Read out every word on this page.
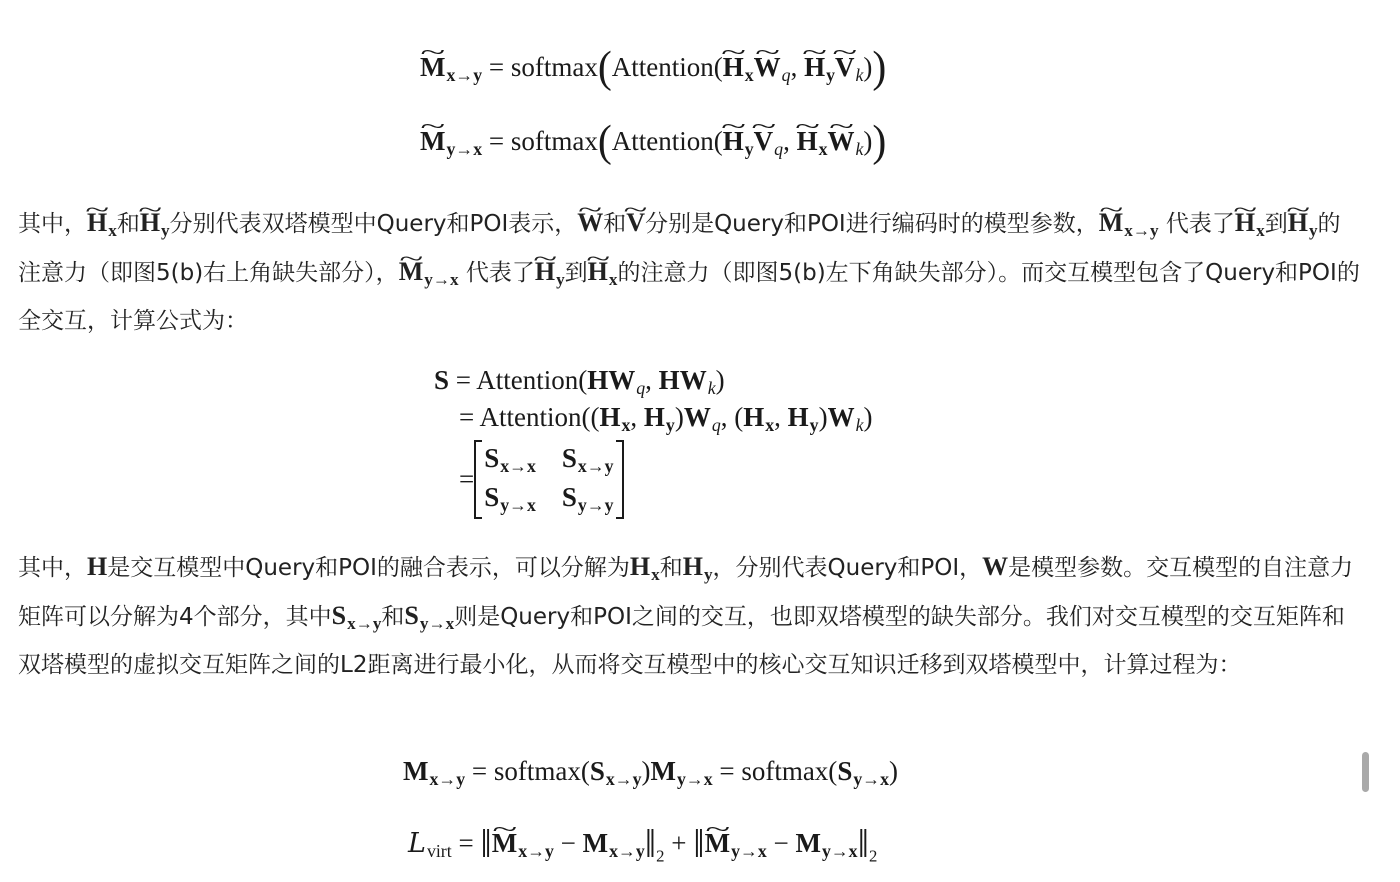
M $\sim_{x\to y}$ = softmax(Attention(H $\sim_xW$ $\sim_q$, H $\sim_yV$ $\sim_k$))
M $\sim_{y\to x}$ = softmax(Attention(H $\sim_yV$ $\sim_q$, H $\sim_xW$ $\sim_k$))
其中，H $\sim_x$和H $\sim_y$分别代表双塔模型中Query和POI表示，W ~和V ~分别是Query和POI进行编码时的模型参数，M $\sim_{x\to y}$ 代表了H $\sim_x$到H $\sim_y$的注意力（即图5(b)右上角缺失部分），M $\sim_{y\to x}$ 代表了H $\sim_y$到H $\sim_x$的注意力（即图5(b)左下角缺失部分）。而交互模型包含了Query和POI的全交互，计算公式为：
$S = Attention(HW_q$, $HW_k$)
= $Attention((H_x$, $H_y)W_q$, ($H_x$, $H_y)W_k$)
=
$S_{x\to x}$ $S_{x\to y}$
$S_{y\to x}$ $S_{y\to y}$
其中，H是交互模型中Query和POI的融合表示，可以分解为$H_x$和$H_y$，分别代表Query和POI，W是模型参数。交互模型的自注意力矩阵可以分解为4个部分，其中$S_{x\to y}$和$S_{y\to x}$则是Query和POI之间的交互，也即双塔模型的缺失部分。我们对交互模型的交互矩阵和双塔模型的虚拟交互矩阵之间的L2距离进行最小化，从而将交互模型中的核心交互知识迁移到双塔模型中，计算过程为：
$M_{x\to y}$ = $softmax(S_{x\to y})M_{y\to x}$ = $softmax(S_{y\to x})$
$L_{virt}$ = ‖M $\sim_{x\to y}$ − $M_{x\to y}‖_2$ + ‖M $\sim_{y\to x}$ − $M_{y\to x}‖_2$
